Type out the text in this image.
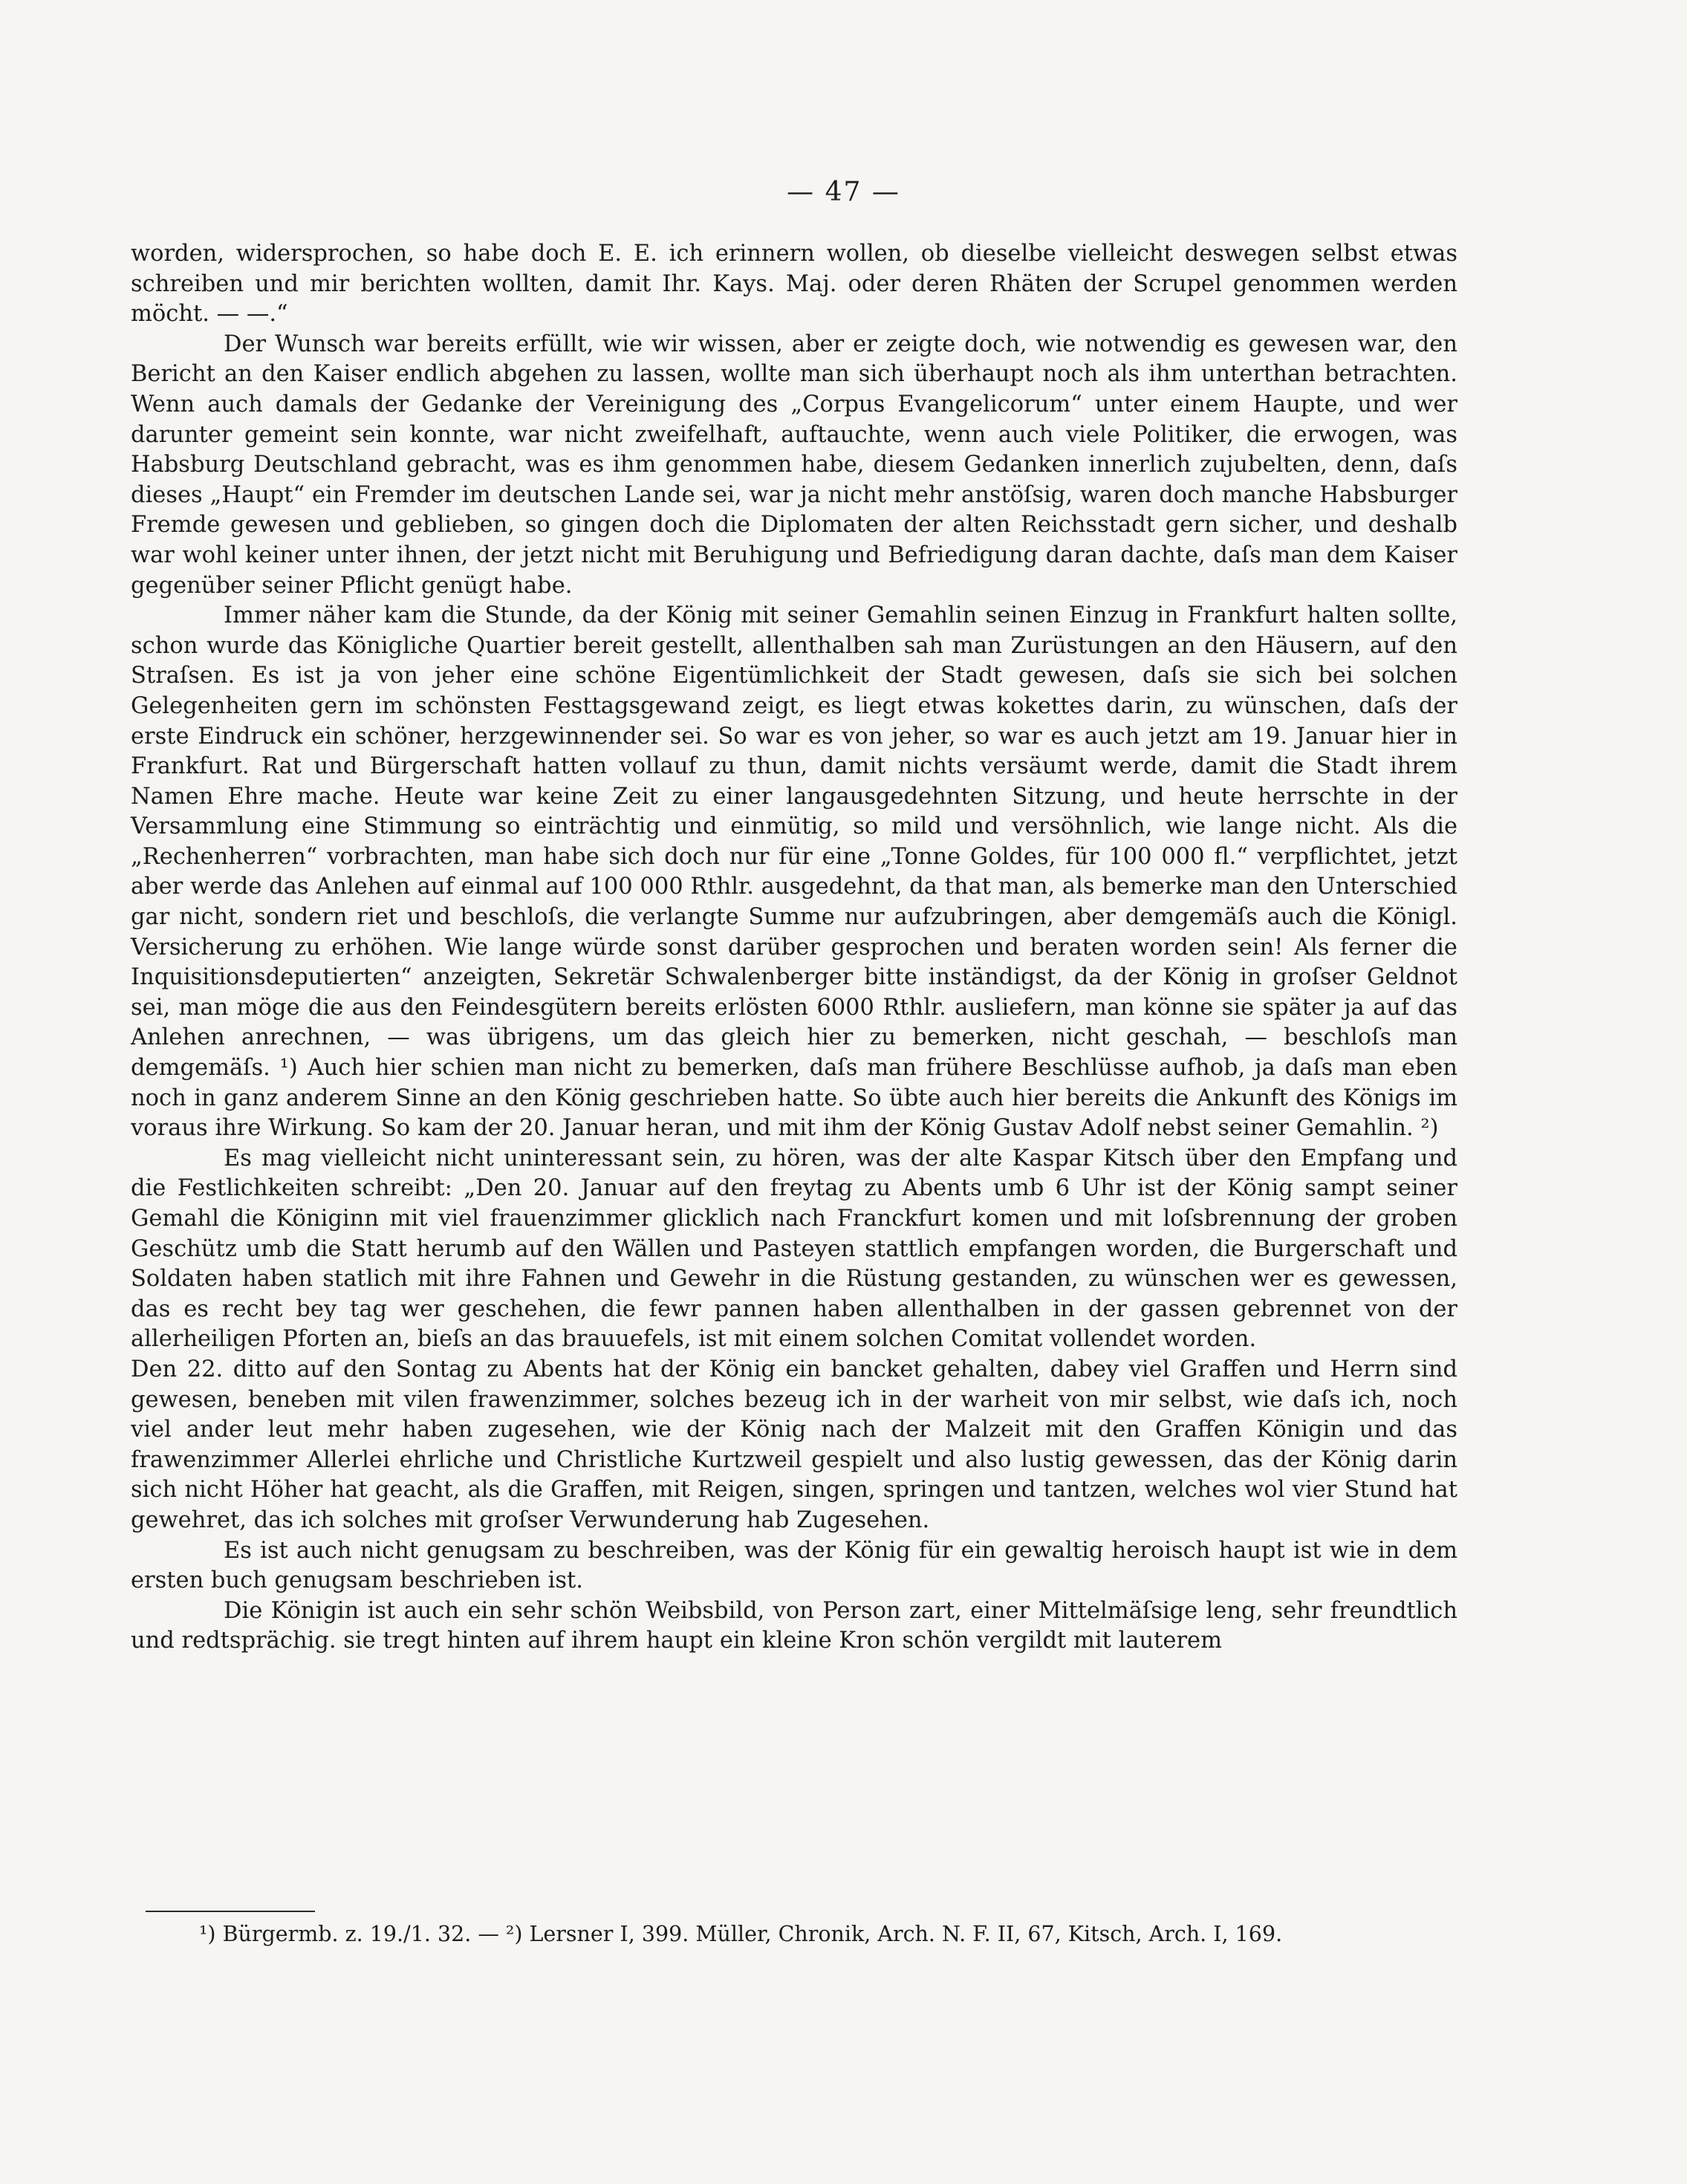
— 47 —

worden, widersprochen, so habe doch E. E. ich erinnern wollen, ob dieselbe vielleicht deswegen selbst etwas schreiben und mir berichten wollten, damit Ihr. Kays. Maj. oder deren Rhäten der Scrupel genommen werden möcht. — —.“

Der Wunsch war bereits erfüllt, wie wir wissen, aber er zeigte doch, wie notwendig es gewesen war, den Bericht an den Kaiser endlich abgehen zu lassen, wollte man sich überhaupt noch als ihm unterthan betrachten. Wenn auch damals der Gedanke der Vereinigung des „Corpus Evangelicorum“ unter einem Haupte, und wer darunter gemeint sein konnte, war nicht zweifelhaft, auftauchte, wenn auch viele Politiker, die erwogen, was Habsburg Deutschland gebracht, was es ihm genommen habe, diesem Gedanken innerlich zujubelten, denn, daſs dieses „Haupt“ ein Fremder im deutschen Lande sei, war ja nicht mehr anstöſsig, waren doch manche Habsburger Fremde gewesen und geblieben, so gingen doch die Diplomaten der alten Reichsstadt gern sicher, und deshalb war wohl keiner unter ihnen, der jetzt nicht mit Beruhigung und Befriedigung daran dachte, daſs man dem Kaiser gegenüber seiner Pflicht genügt habe.

Immer näher kam die Stunde, da der König mit seiner Gemahlin seinen Einzug in Frankfurt halten sollte, schon wurde das Königliche Quartier bereit gestellt, allenthalben sah man Zurüstungen an den Häusern, auf den Straſsen. Es ist ja von jeher eine schöne Eigentümlichkeit der Stadt gewesen, daſs sie sich bei solchen Gelegenheiten gern im schönsten Festtagsgewand zeigt, es liegt etwas kokettes darin, zu wünschen, daſs der erste Eindruck ein schöner, herzgewinnender sei. So war es von jeher, so war es auch jetzt am 19. Januar hier in Frankfurt. Rat und Bürgerschaft hatten vollauf zu thun, damit nichts versäumt werde, damit die Stadt ihrem Namen Ehre mache. Heute war keine Zeit zu einer langausgedehnten Sitzung, und heute herrschte in der Versammlung eine Stimmung so einträchtig und einmütig, so mild und versöhnlich, wie lange nicht. Als die „Rechenherren“ vorbrachten, man habe sich doch nur für eine „Tonne Goldes, für 100 000 fl.“ verpflichtet, jetzt aber werde das Anlehen auf einmal auf 100 000 Rthlr. ausgedehnt, da that man, als bemerke man den Unterschied gar nicht, sondern riet und beschloſs, die verlangte Summe nur aufzubringen, aber demgemäſs auch die Königl. Versicherung zu erhöhen. Wie lange würde sonst darüber gesprochen und beraten worden sein! Als ferner die Inquisitionsdeputierten“ anzeigten, Sekretär Schwalenberger bitte inständigst, da der König in groſser Geldnot sei, man möge die aus den Feindesgütern bereits erlösten 6000 Rthlr. ausliefern, man könne sie später ja auf das Anlehen anrechnen, — was übrigens, um das gleich hier zu bemerken, nicht geschah, — beschloſs man demgemäſs. ¹) Auch hier schien man nicht zu bemerken, daſs man frühere Beschlüsse aufhob, ja daſs man eben noch in ganz anderem Sinne an den König geschrieben hatte. So übte auch hier bereits die Ankunft des Königs im voraus ihre Wirkung. So kam der 20. Januar heran, und mit ihm der König Gustav Adolf nebst seiner Gemahlin. ²)

Es mag vielleicht nicht uninteressant sein, zu hören, was der alte Kaspar Kitsch über den Empfang und die Festlichkeiten schreibt: „Den 20. Januar auf den freytag zu Abents umb 6 Uhr ist der König sampt seiner Gemahl die Königinn mit viel frauenzimmer glicklich nach Franckfurt komen und mit loſsbrennung der groben Geschütz umb die Statt herumb auf den Wällen und Pasteyen stattlich empfangen worden, die Burgerschaft und Soldaten haben statlich mit ihre Fahnen und Gewehr in die Rüstung gestanden, zu wünschen wer es gewessen, das es recht bey tag wer geschehen, die fewr pannen haben allenthalben in der gassen gebrennet von der allerheiligen Pforten an, bieſs an das brauuefels, ist mit einem solchen Comitat vollendet worden.

Den 22. ditto auf den Sontag zu Abents hat der König ein bancket gehalten, dabey viel Graffen und Herrn sind gewesen, beneben mit vilen frawenzimmer, solches bezeug ich in der warheit von mir selbst, wie daſs ich, noch viel ander leut mehr haben zugesehen, wie der König nach der Malzeit mit den Graffen Königin und das frawenzimmer Allerlei ehrliche und Christliche Kurtzweil gespielt und also lustig gewessen, das der König darin sich nicht Höher hat geacht, als die Graffen, mit Reigen, singen, springen und tantzen, welches wol vier Stund hat gewehret, das ich solches mit groſser Verwunderung hab Zugesehen.

Es ist auch nicht genugsam zu beschreiben, was der König für ein gewaltig heroisch haupt ist wie in dem ersten buch genugsam beschrieben ist.

Die Königin ist auch ein sehr schön Weibsbild, von Person zart, einer Mittelmäſsige leng, sehr freundtlich und redtsprächig. sie tregt hinten auf ihrem haupt ein kleine Kron schön vergildt mit lauterem

¹) Bürgermb. z. 19./1. 32. — ²) Lersner I, 399. Müller, Chronik, Arch. N. F. II, 67, Kitsch, Arch. I, 169.
